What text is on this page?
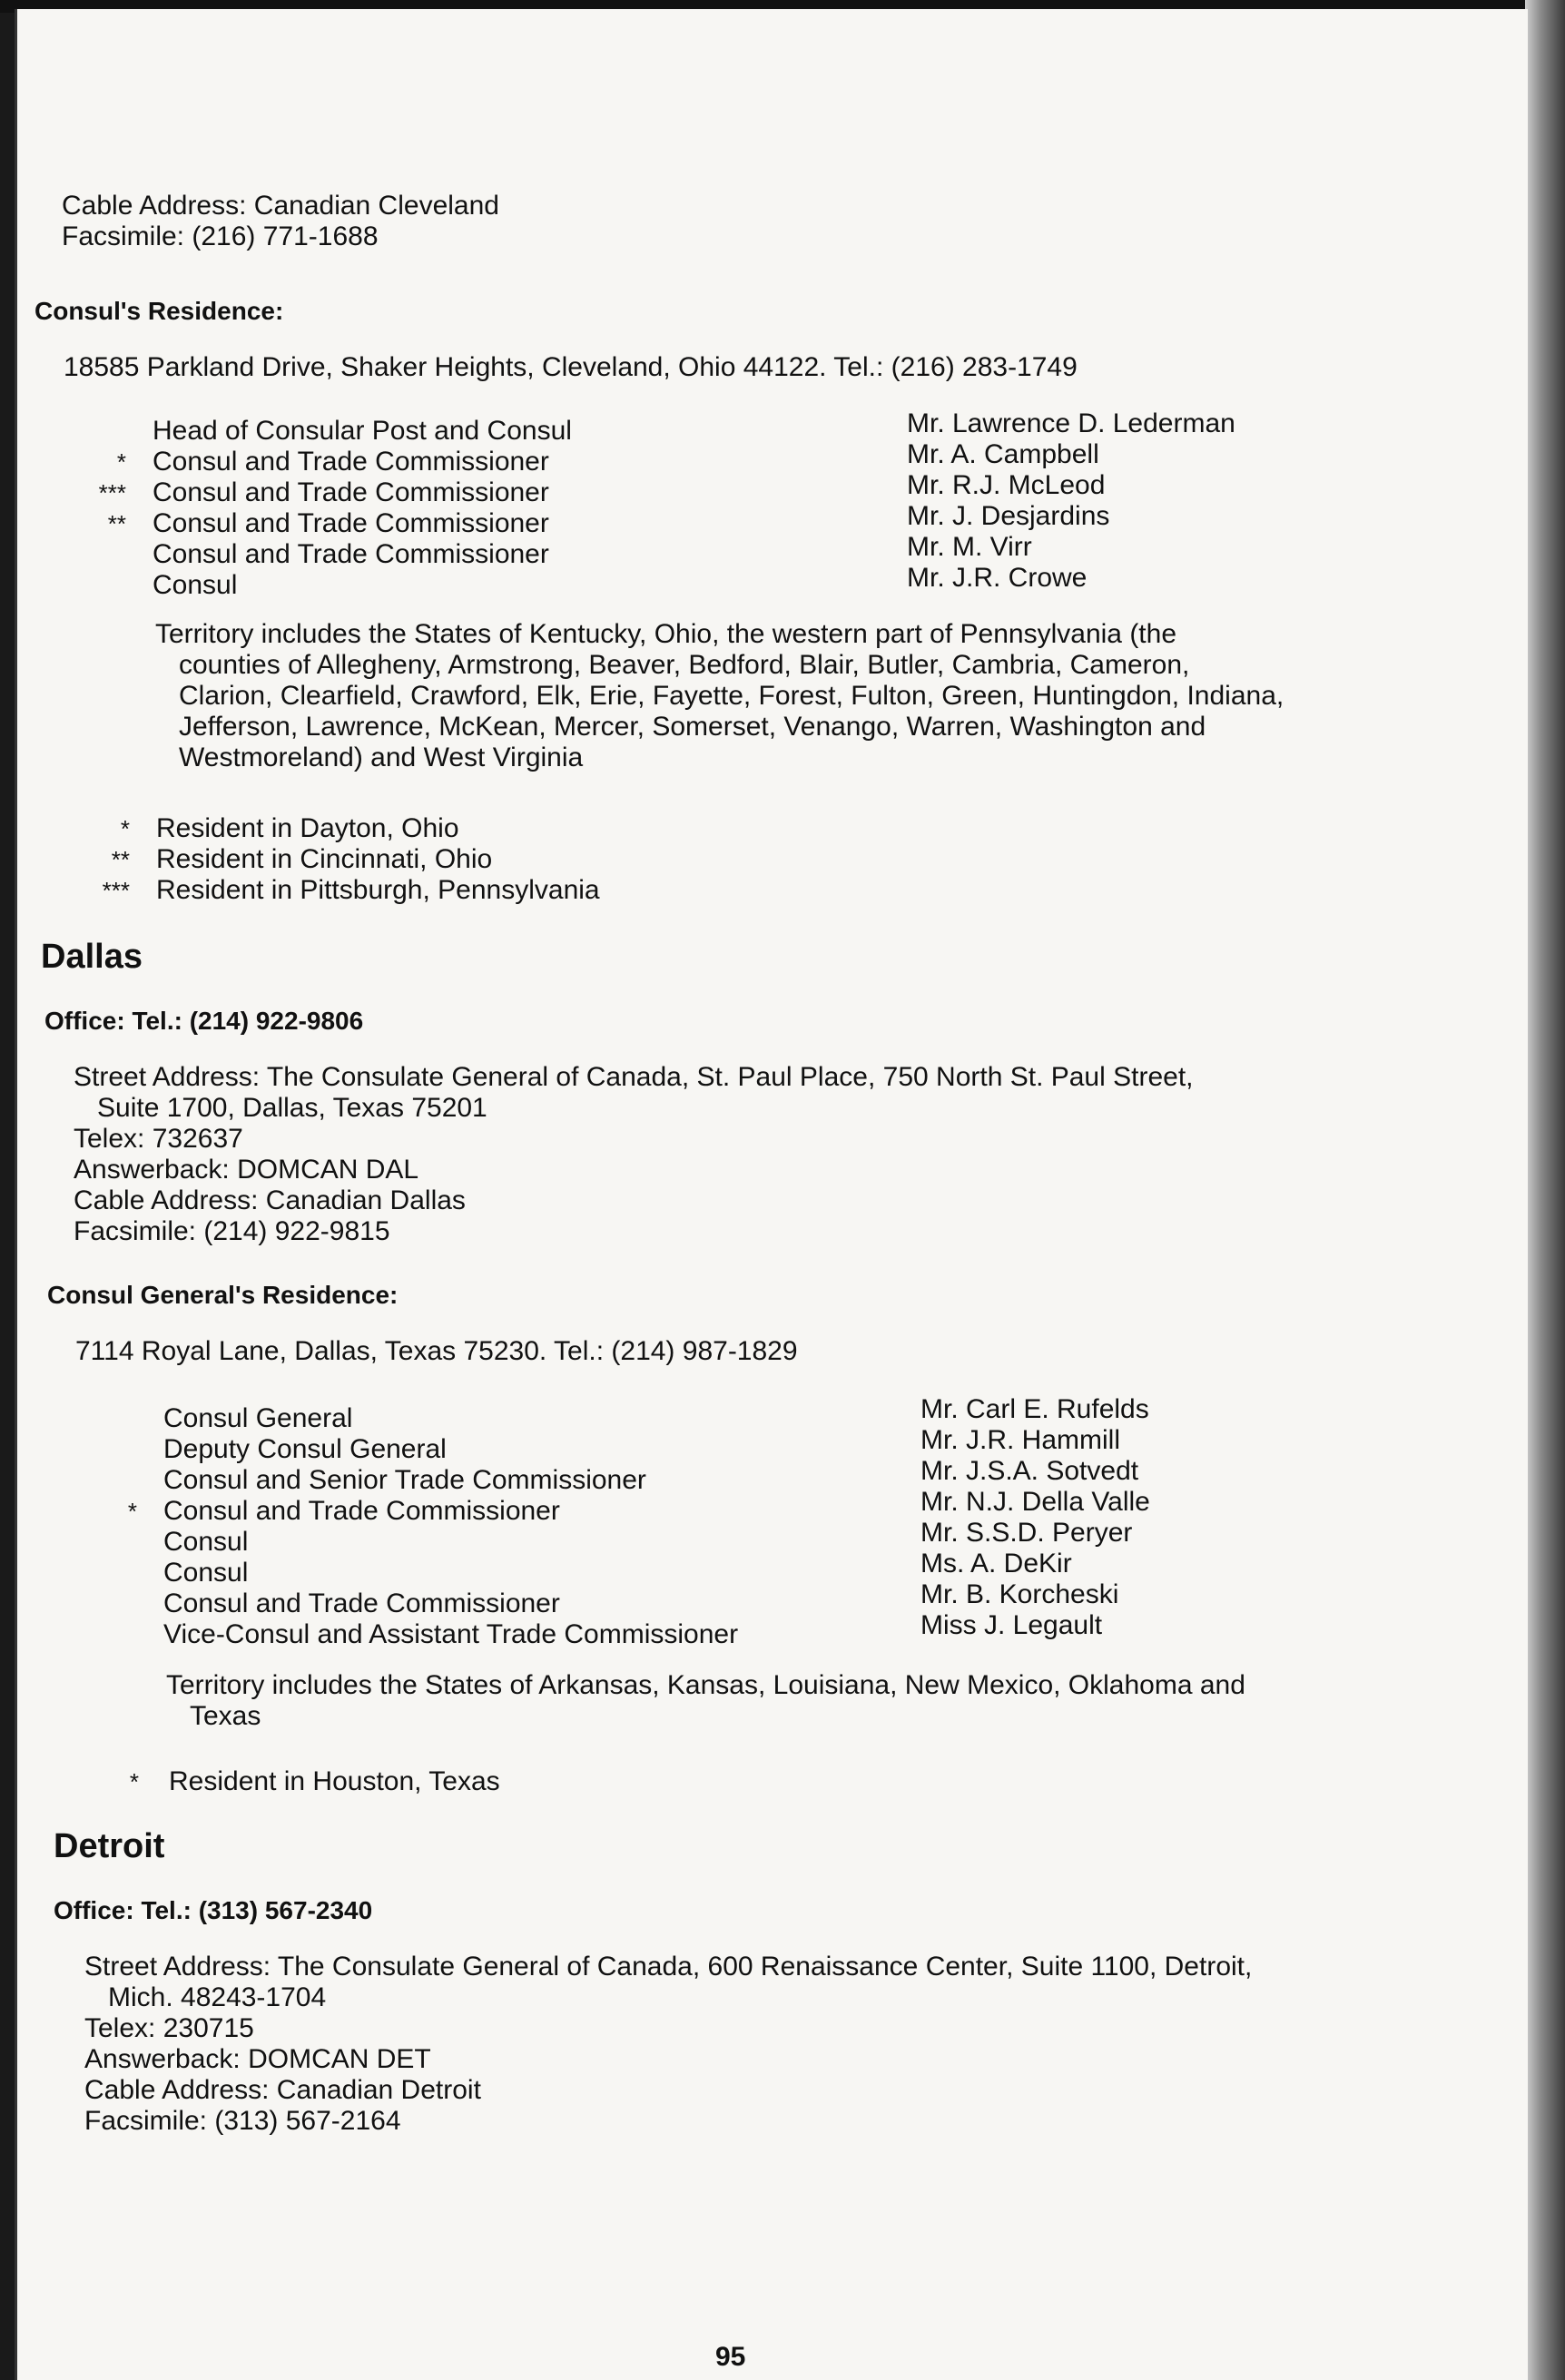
Cable Address: Canadian Cleveland
Facsimile: (216) 771-1688
Consul's Residence:
18585 Parkland Drive, Shaker Heights, Cleveland, Ohio 44122. Tel.: (216) 283-1749
Head of Consular Post and Consul	Mr. Lawrence D. Lederman
* Consul and Trade Commissioner	Mr. A. Campbell
*** Consul and Trade Commissioner	Mr. R.J. McLeod
** Consul and Trade Commissioner	Mr. J. Desjardins
Consul and Trade Commissioner	Mr. M. Virr
Consul	Mr. J.R. Crowe
Territory includes the States of Kentucky, Ohio, the western part of Pennsylvania (the
counties of Allegheny, Armstrong, Beaver, Bedford, Blair, Butler, Cambria, Cameron,
Clarion, Clearfield, Crawford, Elk, Erie, Fayette, Forest, Fulton, Green, Huntingdon, Indiana,
Jefferson, Lawrence, McKean, Mercer, Somerset, Venango, Warren, Washington and
Westmoreland) and West Virginia
* Resident in Dayton, Ohio
** Resident in Cincinnati, Ohio
*** Resident in Pittsburgh, Pennsylvania
Dallas
Office: Tel.: (214) 922-9806
Street Address: The Consulate General of Canada, St. Paul Place, 750 North St. Paul Street,
Suite 1700, Dallas, Texas 75201
Telex: 732637
Answerback: DOMCAN DAL
Cable Address: Canadian Dallas
Facsimile: (214) 922-9815
Consul General's Residence:
7114 Royal Lane, Dallas, Texas 75230. Tel.: (214) 987-1829
Consul General	Mr. Carl E. Rufelds
Deputy Consul General	Mr. J.R. Hammill
Consul and Senior Trade Commissioner	Mr. J.S.A. Sotvedt
* Consul and Trade Commissioner	Mr. N.J. Della Valle
Consul	Mr. S.S.D. Peryer
Consul	Ms. A. DeKir
Consul and Trade Commissioner	Mr. B. Korcheski
Vice-Consul and Assistant Trade Commissioner	Miss J. Legault
Territory includes the States of Arkansas, Kansas, Louisiana, New Mexico, Oklahoma and
Texas
* Resident in Houston, Texas
Detroit
Office: Tel.: (313) 567-2340
Street Address: The Consulate General of Canada, 600 Renaissance Center, Suite 1100, Detroit,
Mich. 48243-1704
Telex: 230715
Answerback: DOMCAN DET
Cable Address: Canadian Detroit
Facsimile: (313) 567-2164
95
